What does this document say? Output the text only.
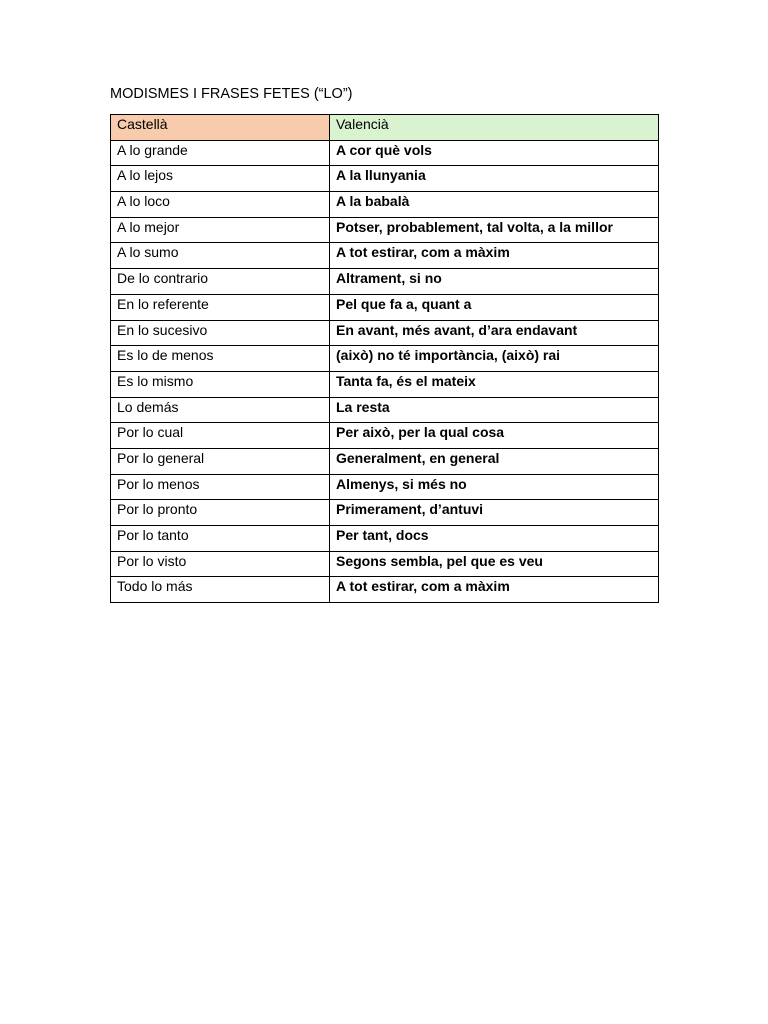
MODISMES I FRASES FETES (“LO”)
Castellà	Valencià
A lo grande	A cor què vols
A lo lejos	A la llunyania
A lo loco	A la babalà
A lo mejor	Potser, probablement, tal volta, a la millor
A lo sumo	A tot estirar, com a màxim
De lo contrario	Altrament, si no
En lo referente	Pel que fa a, quant a
En lo sucesivo	En avant, més avant, d’ara endavant
Es lo de menos	(això) no té importància, (això) rai
Es lo mismo	Tanta fa, és el mateix
Lo demás	La resta
Por lo cual	Per això, per la qual cosa
Por lo general	Generalment, en general
Por lo menos	Almenys, si més no
Por lo pronto	Primerament, d’antuvi
Por lo tanto	Per tant, docs
Por lo visto	Segons sembla, pel que es veu
Todo lo más	A tot estirar, com a màxim
